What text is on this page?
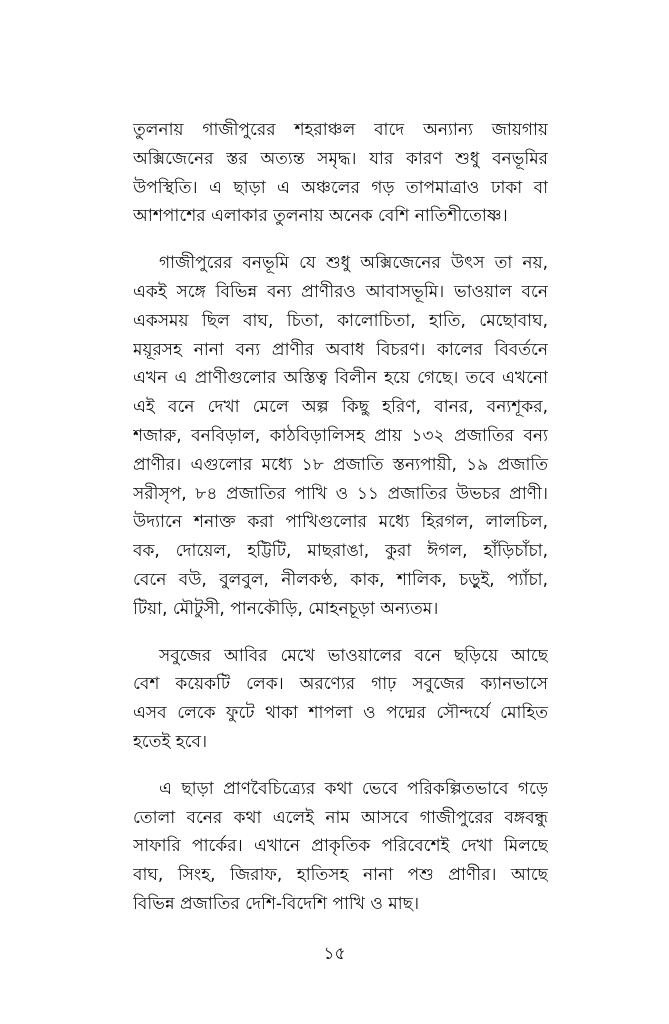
তুলনায় গাজীপুরের শহরাঞ্চল বাদে অন্যান্য জায়গায়
অক্সিজেনের স্তর অত্যন্ত সমৃদ্ধ। যার কারণ শুধু বনভূমির
উপস্থিতি। এ ছাড়া এ অঞ্চলের গড় তাপমাত্রাও ঢাকা বা
আশপাশের এলাকার তুলনায় অনেক বেশি নাতিশীতোষ্ণ।

গাজীপুরের বনভূমি যে শুধু অক্সিজেনের উৎস তা নয়,
একই সঙ্গে বিভিন্ন বন্য প্রাণীরও আবাসভূমি। ভাওয়াল বনে
একসময় ছিল বাঘ, চিতা, কালোচিতা, হাতি, মেছোবাঘ,
ময়ূরসহ নানা বন্য প্রাণীর অবাধ বিচরণ। কালের বিবর্তনে
এখন এ প্রাণীগুলোর অস্তিত্ব বিলীন হয়ে গেছে। তবে এখনো
এই বনে দেখা মেলে অল্প কিছু হরিণ, বানর, বন্যশূকর,
শজারু, বনবিড়াল, কাঠবিড়ালিসহ প্রায় ১৩২ প্রজাতির বন্য
প্রাণীর। এগুলোর মধ্যে ১৮ প্রজাতি স্তন্যপায়ী, ১৯ প্রজাতি
সরীসৃপ, ৮৪ প্রজাতির পাখি ও ১১ প্রজাতির উভচর প্রাণী।
উদ্যানে শনাক্ত করা পাখিগুলোর মধ্যে হিরগল, লালচিল,
বক, দোয়েল, হট্টিটি, মাছরাঙা, কুরা ঈগল, হাঁড়িচাঁচা,
বেনে বউ, বুলবুল, নীলকণ্ঠ, কাক, শালিক, চড়ুই, প্যাঁচা,
টিয়া, মৌটুসী, পানকৌড়ি, মোহনচূড়া অন্যতম।

সবুজের আবির মেখে ভাওয়ালের বনে ছড়িয়ে আছে
বেশ কয়েকটি লেক। অরণ্যের গাঢ় সবুজের ক্যানভাসে
এসব লেকে ফুটে থাকা শাপলা ও পদ্মের সৌন্দর্যে মোহিত
হতেই হবে।

এ ছাড়া প্রাণবৈচিত্র্যের কথা ভেবে পরিকল্পিতভাবে গড়ে
তোলা বনের কথা এলেই নাম আসবে গাজীপুরের বঙ্গবন্ধু
সাফারি পার্কের। এখানে প্রাকৃতিক পরিবেশেই দেখা মিলছে
বাঘ, সিংহ, জিরাফ, হাতিসহ নানা পশু প্রাণীর। আছে
বিভিন্ন প্রজাতির দেশি-বিদেশি পাখি ও মাছ।

১৫
